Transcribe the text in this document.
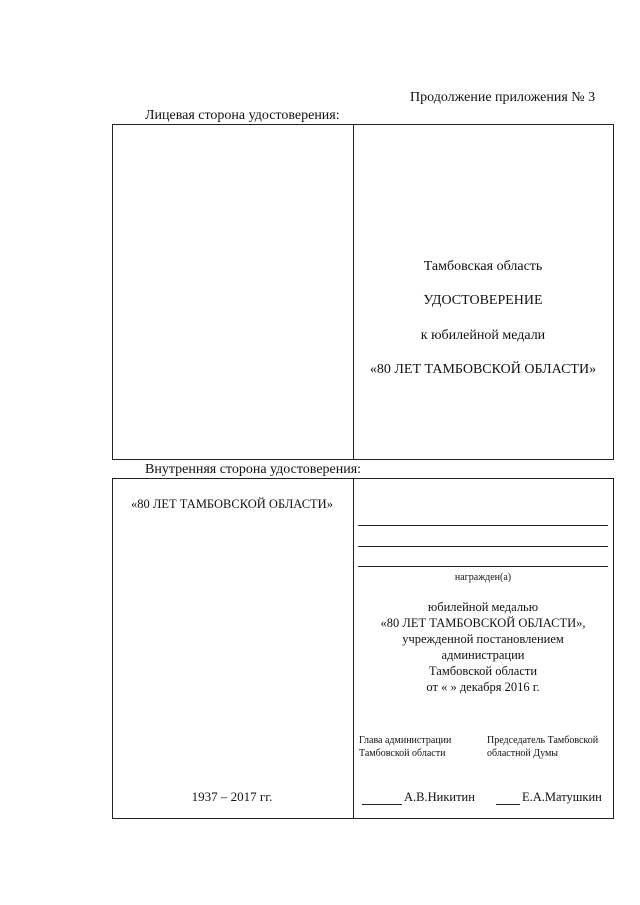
Продолжение приложения № 3
Лицевая сторона удостоверения:
Тамбовская область
УДОСТОВЕРЕНИЕ
к юбилейной медали
«80 ЛЕТ ТАМБОВСКОЙ ОБЛАСТИ»
Внутренняя сторона удостоверения:
«80 ЛЕТ ТАМБОВСКОЙ ОБЛАСТИ»
1937 – 2017 гг.
награжден(а)
юбилейной медалью
«80 ЛЕТ ТАМБОВСКОЙ ОБЛАСТИ»,
учрежденной постановлением
администрации
Тамбовской области
от « » декабря 2016 г.
Глава администрации
Тамбовской области
Председатель Тамбовской
областной Думы
А.В.Никитин	Е.А.Матушкин
